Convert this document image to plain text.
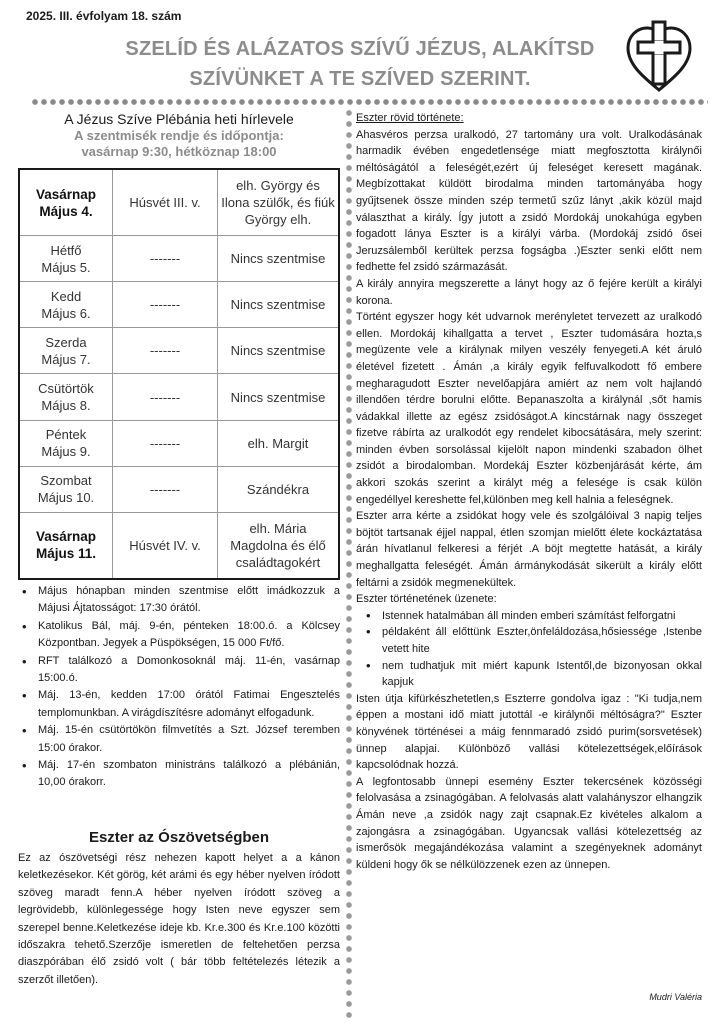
2025. III. évfolyam 18. szám
SZELÍD ÉS ALÁZATOS SZÍVŰ JÉZUS, ALAKÍTSD
SZÍVÜNKET A TE SZÍVED SZERINT.
A Jézus Szíve Plébánia heti hírlevele
A szentmisék rendje és időpontja:
vasárnap 9:30, hétköznap 18:00
Vasárnap
Május 4.	Húsvét III. v.	elh. György és Ilona szülők, és fiúk György elh.

Hétfő
Május 5.	-------	Nincs szentmise

Kedd
Május 6.	-------	Nincs szentmise

Szerda
Május 7.	-------	Nincs szentmise

Csütörtök
Május 8.	-------	Nincs szentmise

Péntek
Május 9.	-------	elh. Margit

Szombat
Május 10.	-------	Szándékra

Vasárnap
Május 11.	Húsvét IV. v.	elh. Mária Magdolna és élő családtagokért
• Május hónapban minden szentmise előtt imádkozzuk a Májusi Ájtatosságot: 17:30 órától.
• Katolikus Bál, máj. 9-én, pénteken 18:00.ó. a Kölcsey Központban. Jegyek a Püspökségen, 15 000 Ft/fő.
• RFT találkozó a Domonkosoknál máj. 11-én, vasárnap 15:00.ó.
• Máj. 13-én, kedden 17:00 órától Fatimai Engesztelés templomunkban. A virágdíszítésre adományt elfogadunk.
• Máj. 15-én csütörtökön filmvetítés a Szt. József teremben 15:00 órakor.
• Máj. 17-én szombaton ministráns találkozó a plébánián, 10,00 órakorr.
Eszter az Ószövetségben
Ez az ószövetségi rész nehezen kapott helyet a a kánon keletkezésekor. Két görög, két arámi és egy héber nyelven íródott szöveg maradt fenn.A héber nyelven íródott szöveg a legrövidebb, különlegessége hogy Isten neve egyszer sem szerepel benne.Keletkezése ideje kb. Kr.e.300 és Kr.e.100 közötti időszakra tehető.Szerzője ismeretlen de feltehetően perzsa diaszpórában élő zsidó volt ( bár több feltételezés létezik a szerzőt illetően).

Eszter rövid története:

Ahasvéros perzsa uralkodó, 27 tartomány ura volt. Uralkodásának harmadik évében engedetlensége miatt megfosztotta királynői méltóságától a feleségét,ezért új feleséget keresett magának. Megbízottakat küldött birodalma minden tartományába hogy gyűjtsenek össze minden szép termetű szűz lányt ,akik közül majd választhat a király. Így jutott a zsidó Mordokáj unokahúga egyben fogadott lánya Eszter is a királyi várba. (Mordokáj zsidó ősei Jeruzsálemből kerültek perzsa fogságba .)Eszter senki előtt nem fedhette fel zsidó származását.

A király annyira megszerette a lányt hogy az ő fejére került a királyi korona.

Történt egyszer hogy két udvarnok merényletet tervezett az uralkodó ellen. Mordokáj kihallgatta a tervet , Eszter tudomására hozta,s megüzente vele a királynak milyen veszély fenyegeti.A két áruló életével fizetett . Ámán ,a király egyik felfuvalkodott fő embere megharagudott Eszter nevelőapjára amiért az nem volt hajlandó illendően térdre borulni előtte. Bepanaszolta a királynál ,sőt hamis vádakkal illette az egész zsidóságot.A kincstárnak nagy összeget fizetve rábírta az uralkodót egy rendelet kibocsátására, mely szerint: minden évben sorsolással kijelölt napon mindenki szabadon ölhet zsidót a birodalomban. Mordekáj Eszter közbenjárását kérte, ám akkori szokás szerint a királyt még a felesége is csak külön engedéllyel kereshette fel,különben meg kell halnia a feleségnek.

Eszter arra kérte a zsidókat hogy vele és szolgálóival 3 napig teljes böjtöt tartsanak éjjel nappal, étlen szomjan mielőtt élete kockáztatása árán hívatlanul felkeresi a férjét .A böjt megtette hatását, a király meghallgatta feleségét. Ámán ármánykodását sikerült a király előtt feltárni a zsidók megmenekültek.

Eszter történetének üzenete:

• Istennek hatalmában áll minden emberi számítást felforgatni
• példaként áll előttünk Eszter,önfeláldozása,hősiessége ,Istenbe vetett hite
• nem tudhatjuk mit miért kapunk Istentől,de bizonyosan okkal kapjuk

Isten útja kifürkészhetetlen,s Eszterre gondolva igaz : "Ki tudja,nem éppen a mostani idő miatt jutottál -e királynői méltóságra?" Eszter könyvének történései a máig fennmaradó zsidó purim(sorsvetések) ünnep alapjai. Különböző vallási kötelezettségek,előírások kapcsolódnak hozzá.

A legfontosabb ünnepi esemény Eszter tekercsének közösségi felolvasása a zsinagógában. A felolvasás alatt valahányszor elhangzik Ámán neve ,a zsidók nagy zajt csapnak.Ez kivételes alkalom a zajongásra a zsinagógában. Ugyancsak vallási kötelezettség az ismerősök megajándékozása valamint a szegényeknek adományt küldeni hogy ők se nélkülözzenek ezen az ünnepen.

Mudri Valéria
